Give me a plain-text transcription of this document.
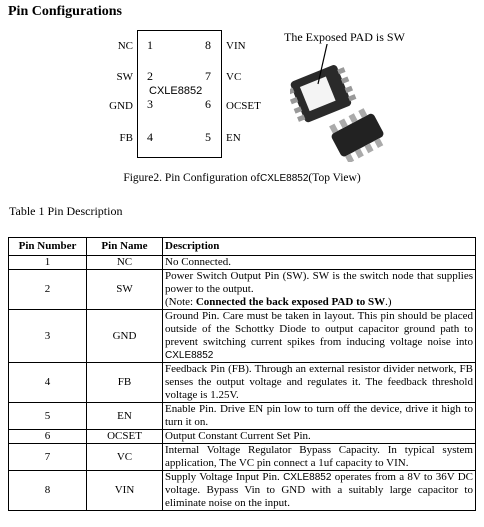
Pin Configurations
NC 1
SW 2
GND 3
FB 4
8 VIN
7 VC
6 OCSET
5 EN
CXLE8852
The Exposed PAD is SW
Figure2. Pin Configuration ofCXLE8852(Top View)
Table 1 Pin Description
Pin Number	Pin Name	Description
1	NC	No Connected.
2	SW	Power Switch Output Pin (SW). SW is the switch node that supplies power to the output.
(Note: Connected the back exposed PAD to SW.)
3	GND	Ground Pin. Care must be taken in layout. This pin should be placed outside of the Schottky Diode to output capacitor ground path to prevent switching current spikes from inducing voltage noise into CXLE8852
4	FB	Feedback Pin (FB). Through an external resistor divider network, FB senses the output voltage and regulates it. The feedback threshold voltage is 1.25V.
5	EN	Enable Pin. Drive EN pin low to turn off the device, drive it high to turn it on.
6	OCSET	Output Constant Current Set Pin.
7	VC	Internal Voltage Regulator Bypass Capacity. In typical system application, The VC pin connect a 1uf capacity to VIN.
8	VIN	Supply Voltage Input Pin. CXLE8852 operates from a 8V to 36V DC voltage. Bypass Vin to GND with a suitably large capacitor to eliminate noise on the input.
